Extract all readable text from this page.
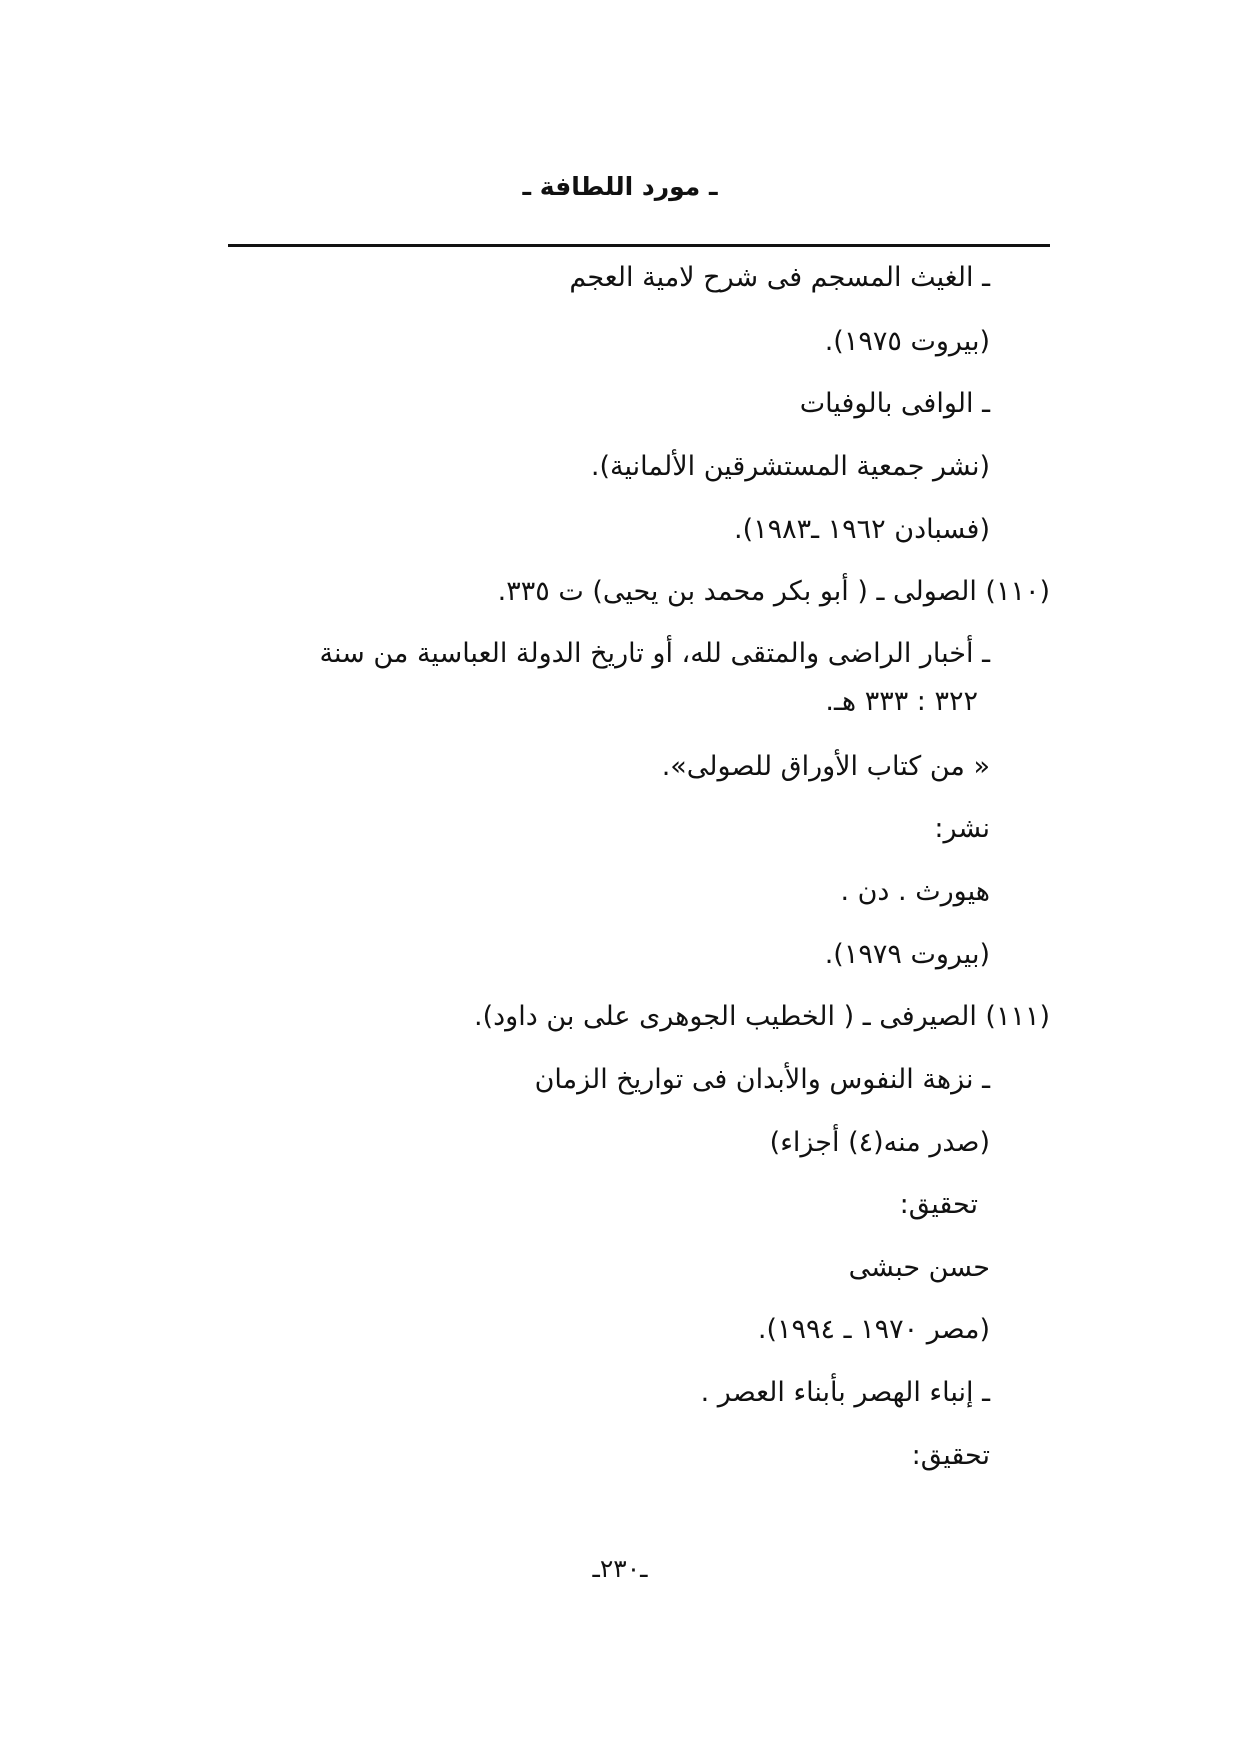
ـ مورد اللطافة ـ
ـ الغيث المسجم فى شرح لامية العجم
(بيروت ١٩٧٥).
ـ الوافى بالوفيات
(نشر جمعية المستشرقين الألمانية).
(فسبادن ١٩٦٢ ـ١٩٨٣).
(١١٠) الصولى ـ ( أبو بكر محمد بن يحيى) ت ٣٣٥.
ـ أخبار الراضى والمتقى لله، أو تاريخ الدولة العباسية من سنة
٣٢٢ : ٣٣٣ هـ.
« من كتاب الأوراق للصولى».
نشر:
هيورث . دن .
(بيروت ١٩٧٩).
(١١١) الصيرفى ـ ( الخطيب الجوهرى على بن داود).
ـ نزهة النفوس والأبدان فى تواريخ الزمان
(صدر منه(٤) أجزاء)
تحقيق:
حسن حبشى
(مصر ١٩٧٠ ـ ١٩٩٤).
ـ إنباء الهصر بأبناء العصر .
تحقيق:
ـ٢٣٠ـ
